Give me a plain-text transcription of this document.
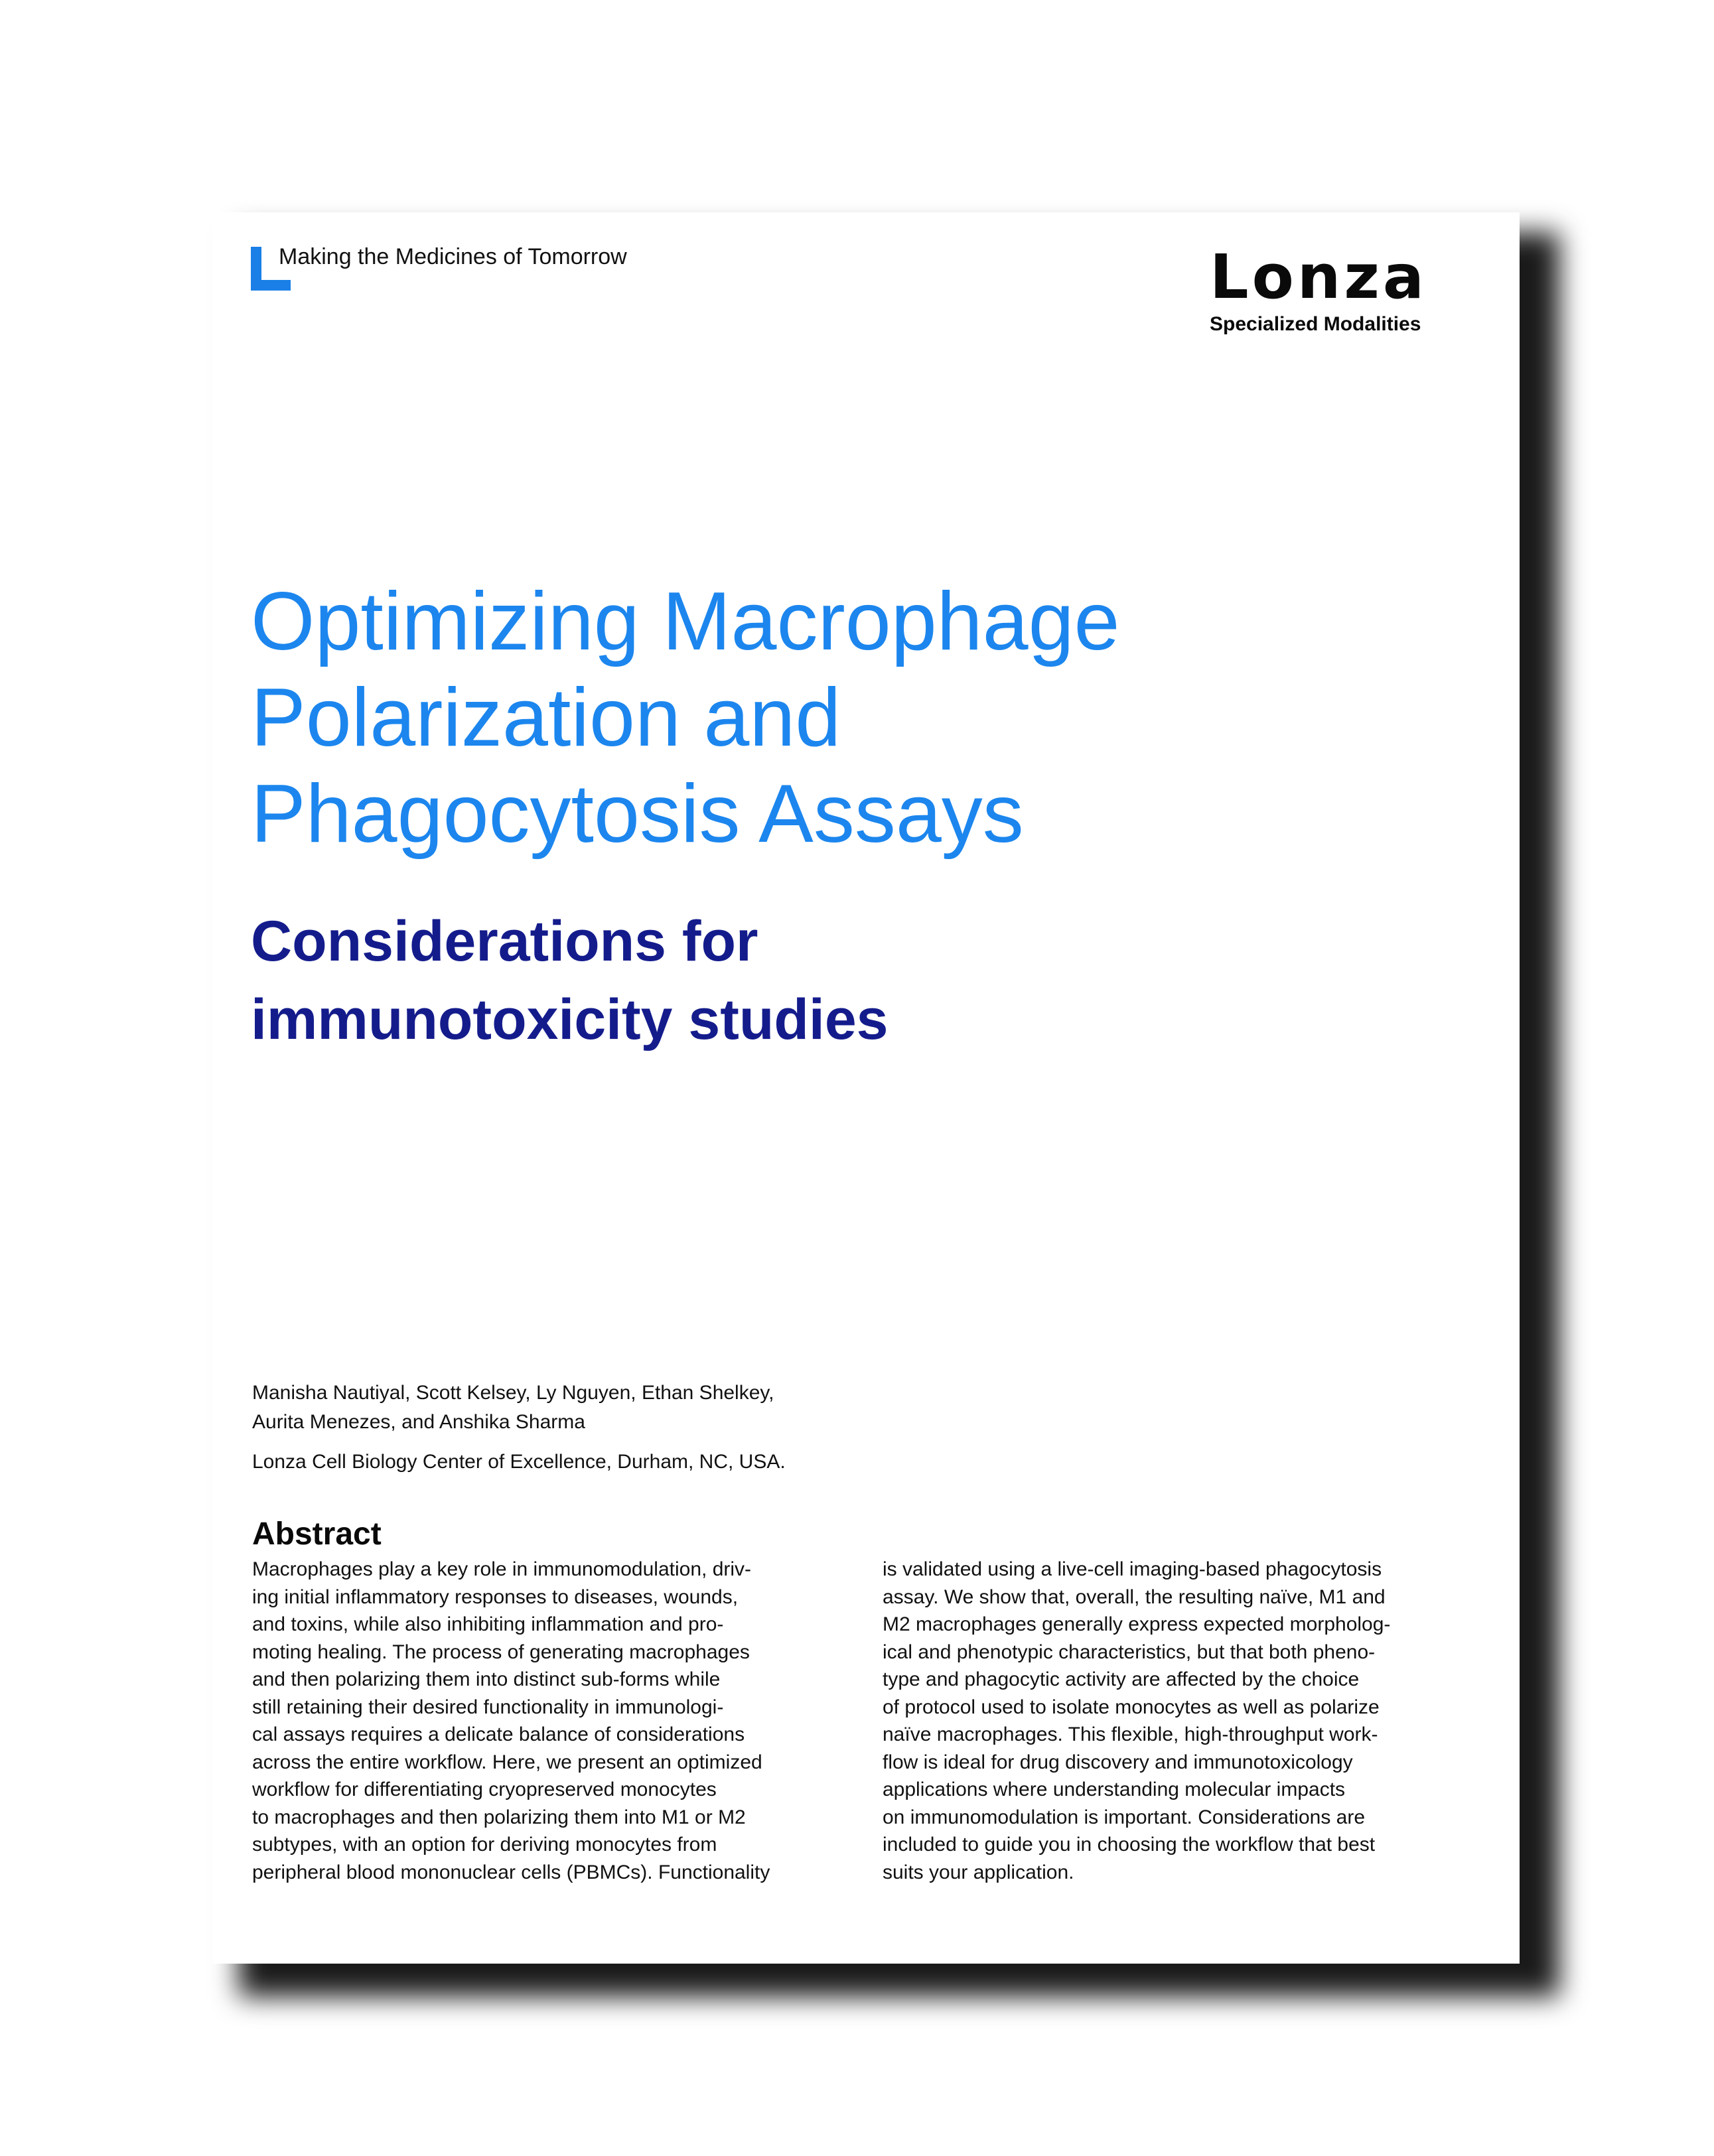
Making the Medicines of Tomorrow	Lonza
Specialized Modalities
Optimizing Macrophage
Polarization and
Phagocytosis Assays
Considerations for
immunotoxicity studies
Manisha Nautiyal, Scott Kelsey, Ly Nguyen, Ethan Shelkey,
Aurita Menezes, and Anshika Sharma
Lonza Cell Biology Center of Excellence, Durham, NC, USA.
Abstract

Macrophages play a key role in immunomodulation, driv-
ing initial inflammatory responses to diseases, wounds,
and toxins, while also inhibiting inflammation and pro-
moting healing. The process of generating macrophages
and then polarizing them into distinct sub-forms while
still retaining their desired functionality in immunologi-
cal assays requires a delicate balance of considerations
across the entire workflow. Here, we present an optimized
workflow for differentiating cryopreserved monocytes
to macrophages and then polarizing them into M1 or M2
subtypes, with an option for deriving monocytes from
peripheral blood mononuclear cells (PBMCs). Functionality

is validated using a live-cell imaging-based phagocytosis
assay. We show that, overall, the resulting naïve, M1 and
M2 macrophages generally express expected morpholog-
ical and phenotypic characteristics, but that both pheno-
type and phagocytic activity are affected by the choice
of protocol used to isolate monocytes as well as polarize
naïve macrophages. This flexible, high-throughput work-
flow is ideal for drug discovery and immunotoxicology
applications where understanding molecular impacts
on immunomodulation is important. Considerations are
included to guide you in choosing the workflow that best
suits your application.
